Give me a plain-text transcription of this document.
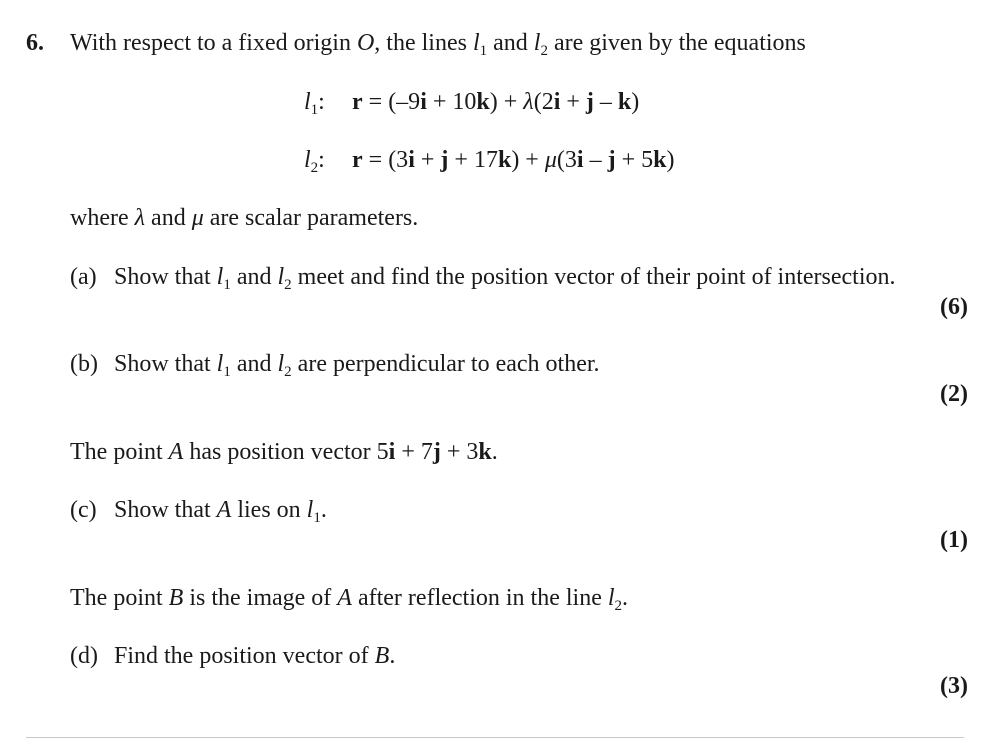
6. With respect to a fixed origin O, the lines $l_1$ and $l_2$ are given by the equations
$l_1$: r = (–9i + 10k) + λ(2i + j – k)
$l_2$: r = (3i + j + 17k) + μ(3i – j + 5k)
where λ and μ are scalar parameters.
(a) Show that $l_1$ and $l_2$ meet and find the position vector of their point of intersection.
(6)
(b) Show that $l_1$ and $l_2$ are perpendicular to each other.
(2)
The point A has position vector 5i + 7j + 3k.
(c) Show that A lies on $l_1$.
(1)
The point B is the image of A after reflection in the line $l_2$.
(d) Find the position vector of B.
(3)
